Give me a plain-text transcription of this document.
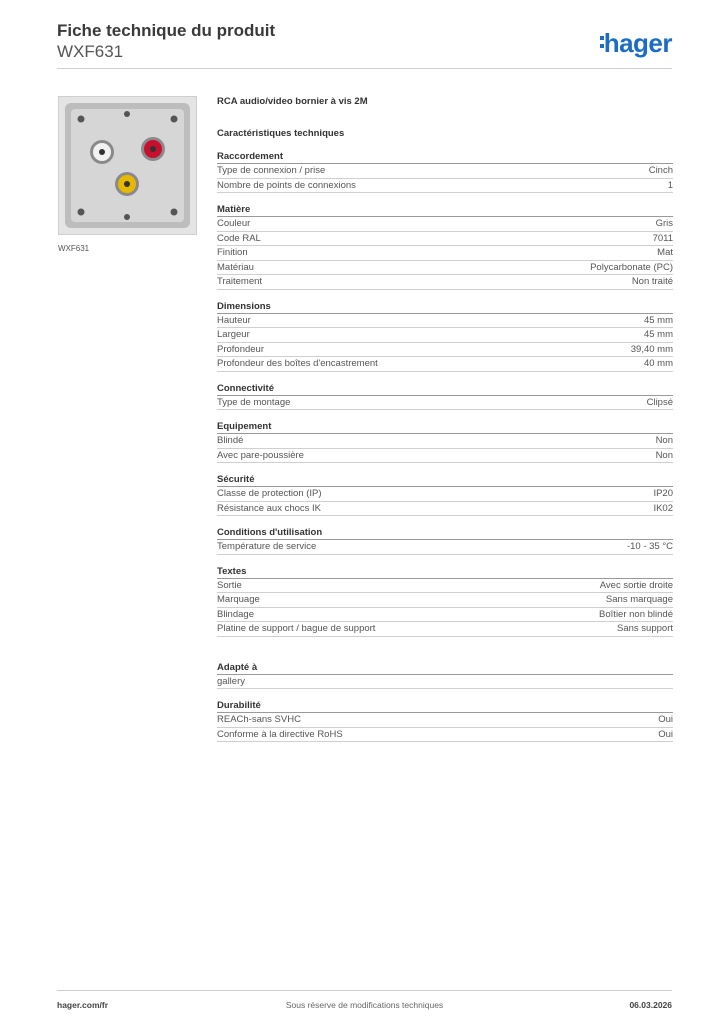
Fiche technique du produit
WXF631	hager
WXF631
RCA audio/video bornier à vis 2M
Caractéristiques techniques
Raccordement
Type de connexion / prise	Cinch
Nombre de points de connexions	1
Matière
Couleur	Gris
Code RAL	7011
Finition	Mat
Matériau	Polycarbonate (PC)
Traitement	Non traité
Dimensions
Hauteur	45 mm
Largeur	45 mm
Profondeur	39,40 mm
Profondeur des boîtes d'encastrement	40 mm
Connectivité
Type de montage	Clipsé
Equipement
Blindé	Non
Avec pare-poussière	Non
Sécurité
Classe de protection (IP)	IP20
Résistance aux chocs IK	IK02
Conditions d'utilisation
Température de service	-10 - 35 °C
Textes
Sortie	Avec sortie droite
Marquage	Sans marquage
Blindage	Boîtier non blindé
Platine de support / bague de support	Sans support
Adapté à
gallery
Durabilité
REACh-sans SVHC	Oui
Conforme à la directive RoHS	Oui
hager.com/fr	Sous réserve de modifications techniques	06.03.2026
